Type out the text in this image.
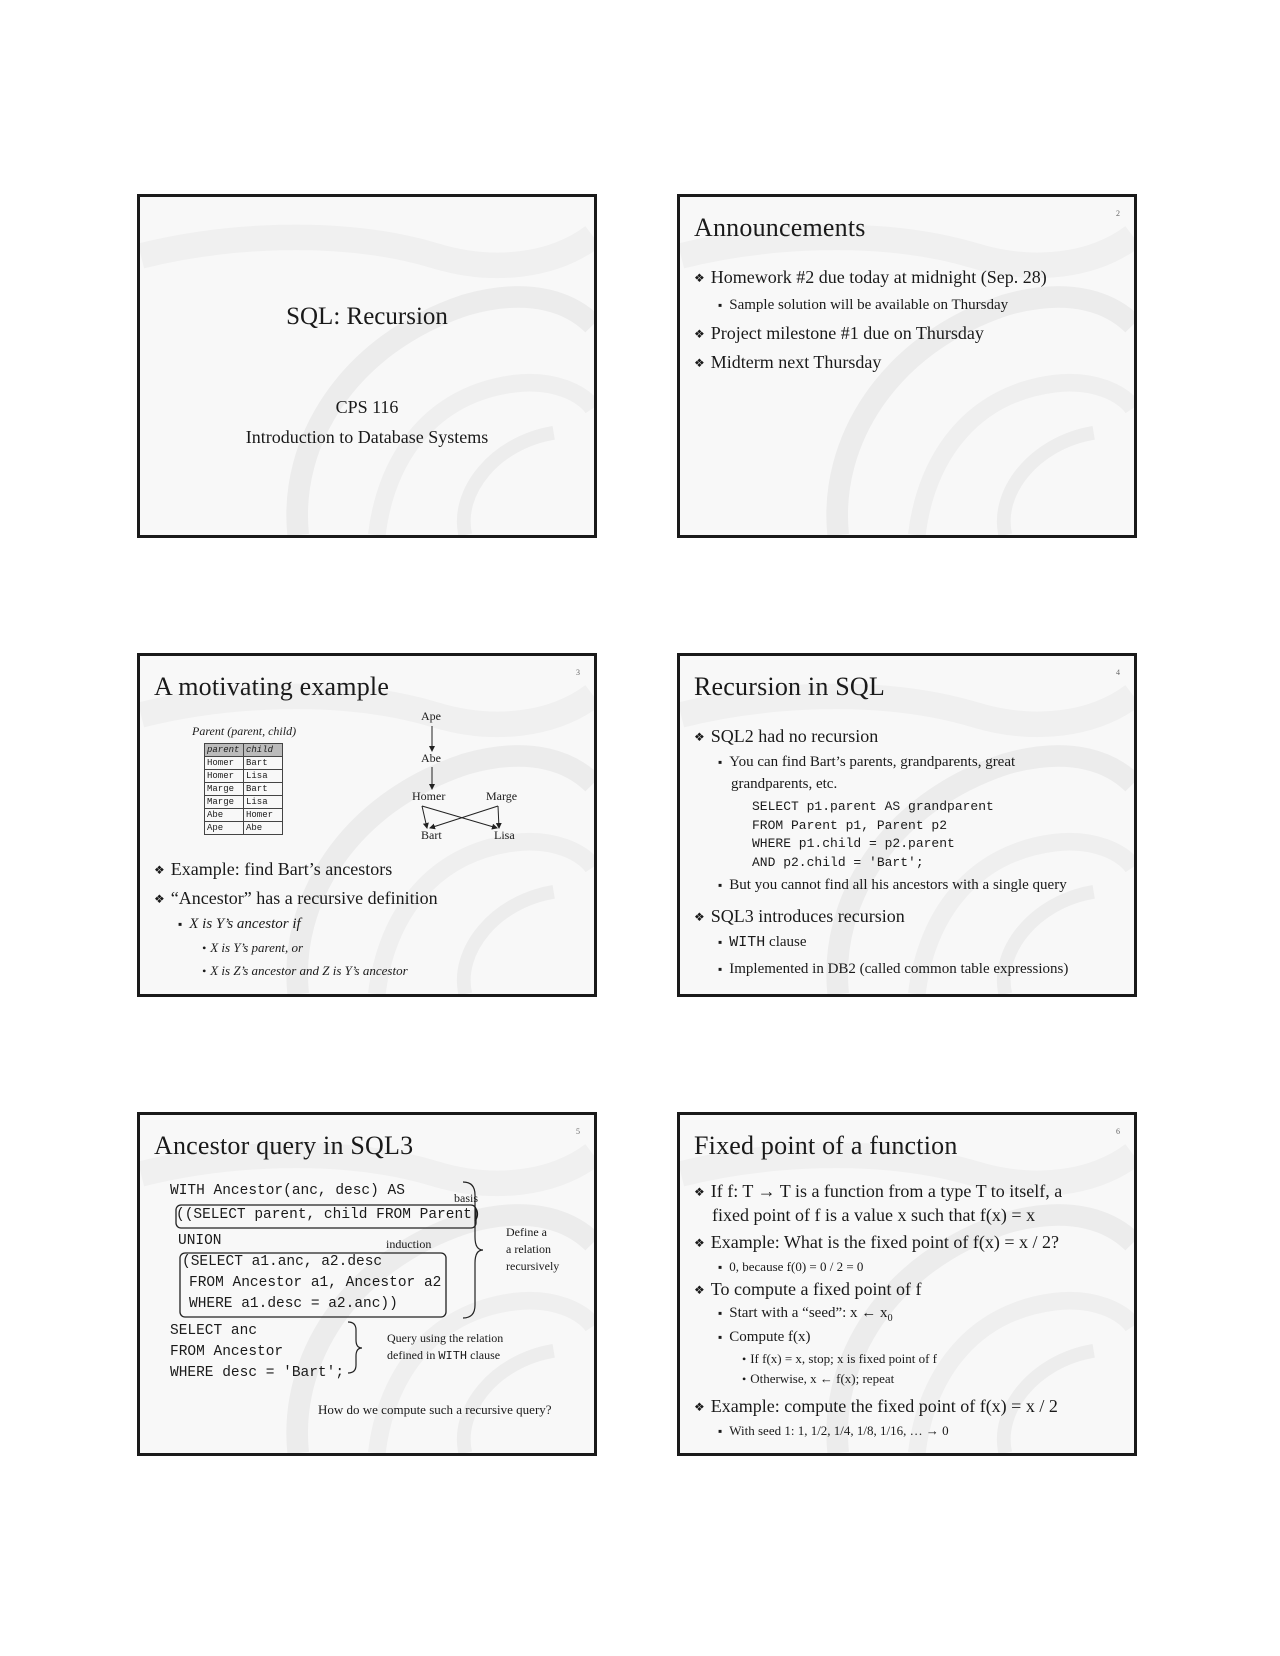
SQL: Recursion
CPS 116
Introduction to Database Systems
2
Announcements

❖ Homework #2 due today at midnight (Sep. 28)

▪ Sample solution will be available on Thursday

❖ Project milestone #1 due on Thursday

❖ Midterm next Thursday

3
A motivating example
Parent (parent, child)
parent	child
Homer	Bart
Homer	Lisa
Marge	Bart
Marge	Lisa
Abe	Homer
Ape	Abe
Ape
Abe
Homer	Marge
Bart	Lisa

❖ Example: find Bart’s ancestors

❖ “Ancestor” has a recursive definition

▪ X is Y’s ancestor if

• X is Y’s parent, or

• X is Z’s ancestor and Z is Y’s ancestor

4
Recursion in SQL

❖ SQL2 had no recursion

▪ You can find Bart’s parents, grandparents, great

grandparents, etc.

SELECT p1.parent AS grandparent
FROM Parent p1, Parent p2
WHERE p1.child = p2.parent
AND p2.child = 'Bart';

▪ But you cannot find all his ancestors with a single query

❖ SQL3 introduces recursion

▪ WITH clause

▪ Implemented in DB2 (called common table expressions)

5
Ancestor query in SQL3
WITH Ancestor(anc, desc) AS
((SELECT parent, child FROM Parent)
UNION
(SELECT a1.anc, a2.desc
FROM Ancestor a1, Ancestor a2
WHERE a1.desc = a2.anc))
SELECT anc
FROM Ancestor
WHERE desc = 'Bart';
basis
induction
Define a
a relation
recursively
Query using the relation
defined in WITH clause
How do we compute such a recursive query?
6
Fixed point of a function

❖ If f: T → T is a function from a type T to itself, a

fixed point of f is a value x such that f(x) = x

❖ Example: What is the fixed point of f(x) = x / 2?

▪ 0, because f(0) = 0 / 2 = 0

❖ To compute a fixed point of f

▪ Start with a “seed”: x ← $x_0$

▪ Compute f(x)

• If f(x) = x, stop; x is fixed point of f

• Otherwise, x ← f(x); repeat

❖ Example: compute the fixed point of f(x) = x / 2

▪ With seed 1: 1, 1/2, 1/4, 1/8, 1/16, … → 0
